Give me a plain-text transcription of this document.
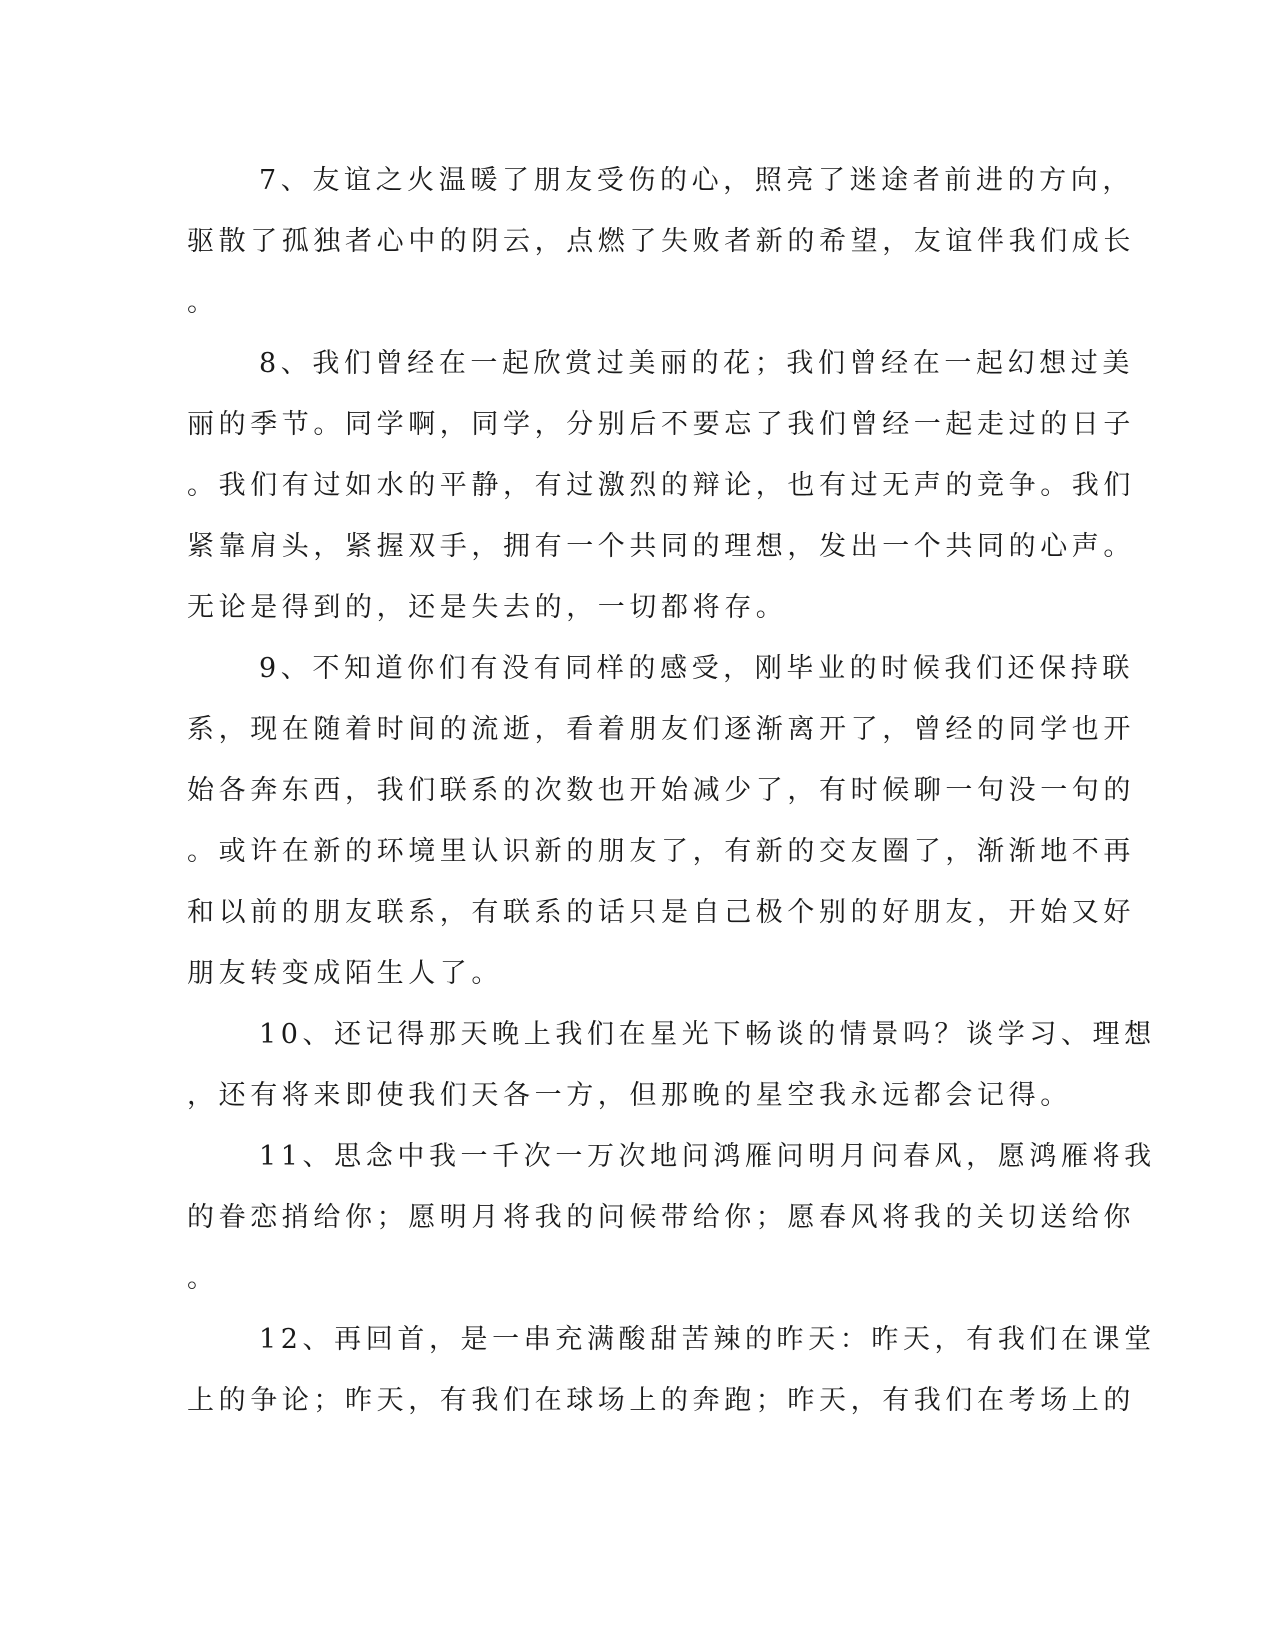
7、友谊之火温暖了朋友受伤的心，照亮了迷途者前进的方向，
驱散了孤独者心中的阴云，点燃了失败者新的希望，友谊伴我们成长
。
8、我们曾经在一起欣赏过美丽的花；我们曾经在一起幻想过美
丽的季节。同学啊，同学，分别后不要忘了我们曾经一起走过的日子
。我们有过如水的平静，有过激烈的辩论，也有过无声的竞争。我们
紧靠肩头，紧握双手，拥有一个共同的理想，发出一个共同的心声。
无论是得到的，还是失去的，一切都将存。
9、不知道你们有没有同样的感受，刚毕业的时候我们还保持联
系，现在随着时间的流逝，看着朋友们逐渐离开了，曾经的同学也开
始各奔东西，我们联系的次数也开始减少了，有时候聊一句没一句的
。或许在新的环境里认识新的朋友了，有新的交友圈了，渐渐地不再
和以前的朋友联系，有联系的话只是自己极个别的好朋友，开始又好
朋友转变成陌生人了。
10、还记得那天晚上我们在星光下畅谈的情景吗？谈学习、理想
，还有将来即使我们天各一方，但那晚的星空我永远都会记得。
11、思念中我一千次一万次地问鸿雁问明月问春风，愿鸿雁将我
的眷恋捎给你；愿明月将我的问候带给你；愿春风将我的关切送给你
。
12、再回首，是一串充满酸甜苦辣的昨天：昨天，有我们在课堂
上的争论；昨天，有我们在球场上的奔跑；昨天，有我们在考场上的
